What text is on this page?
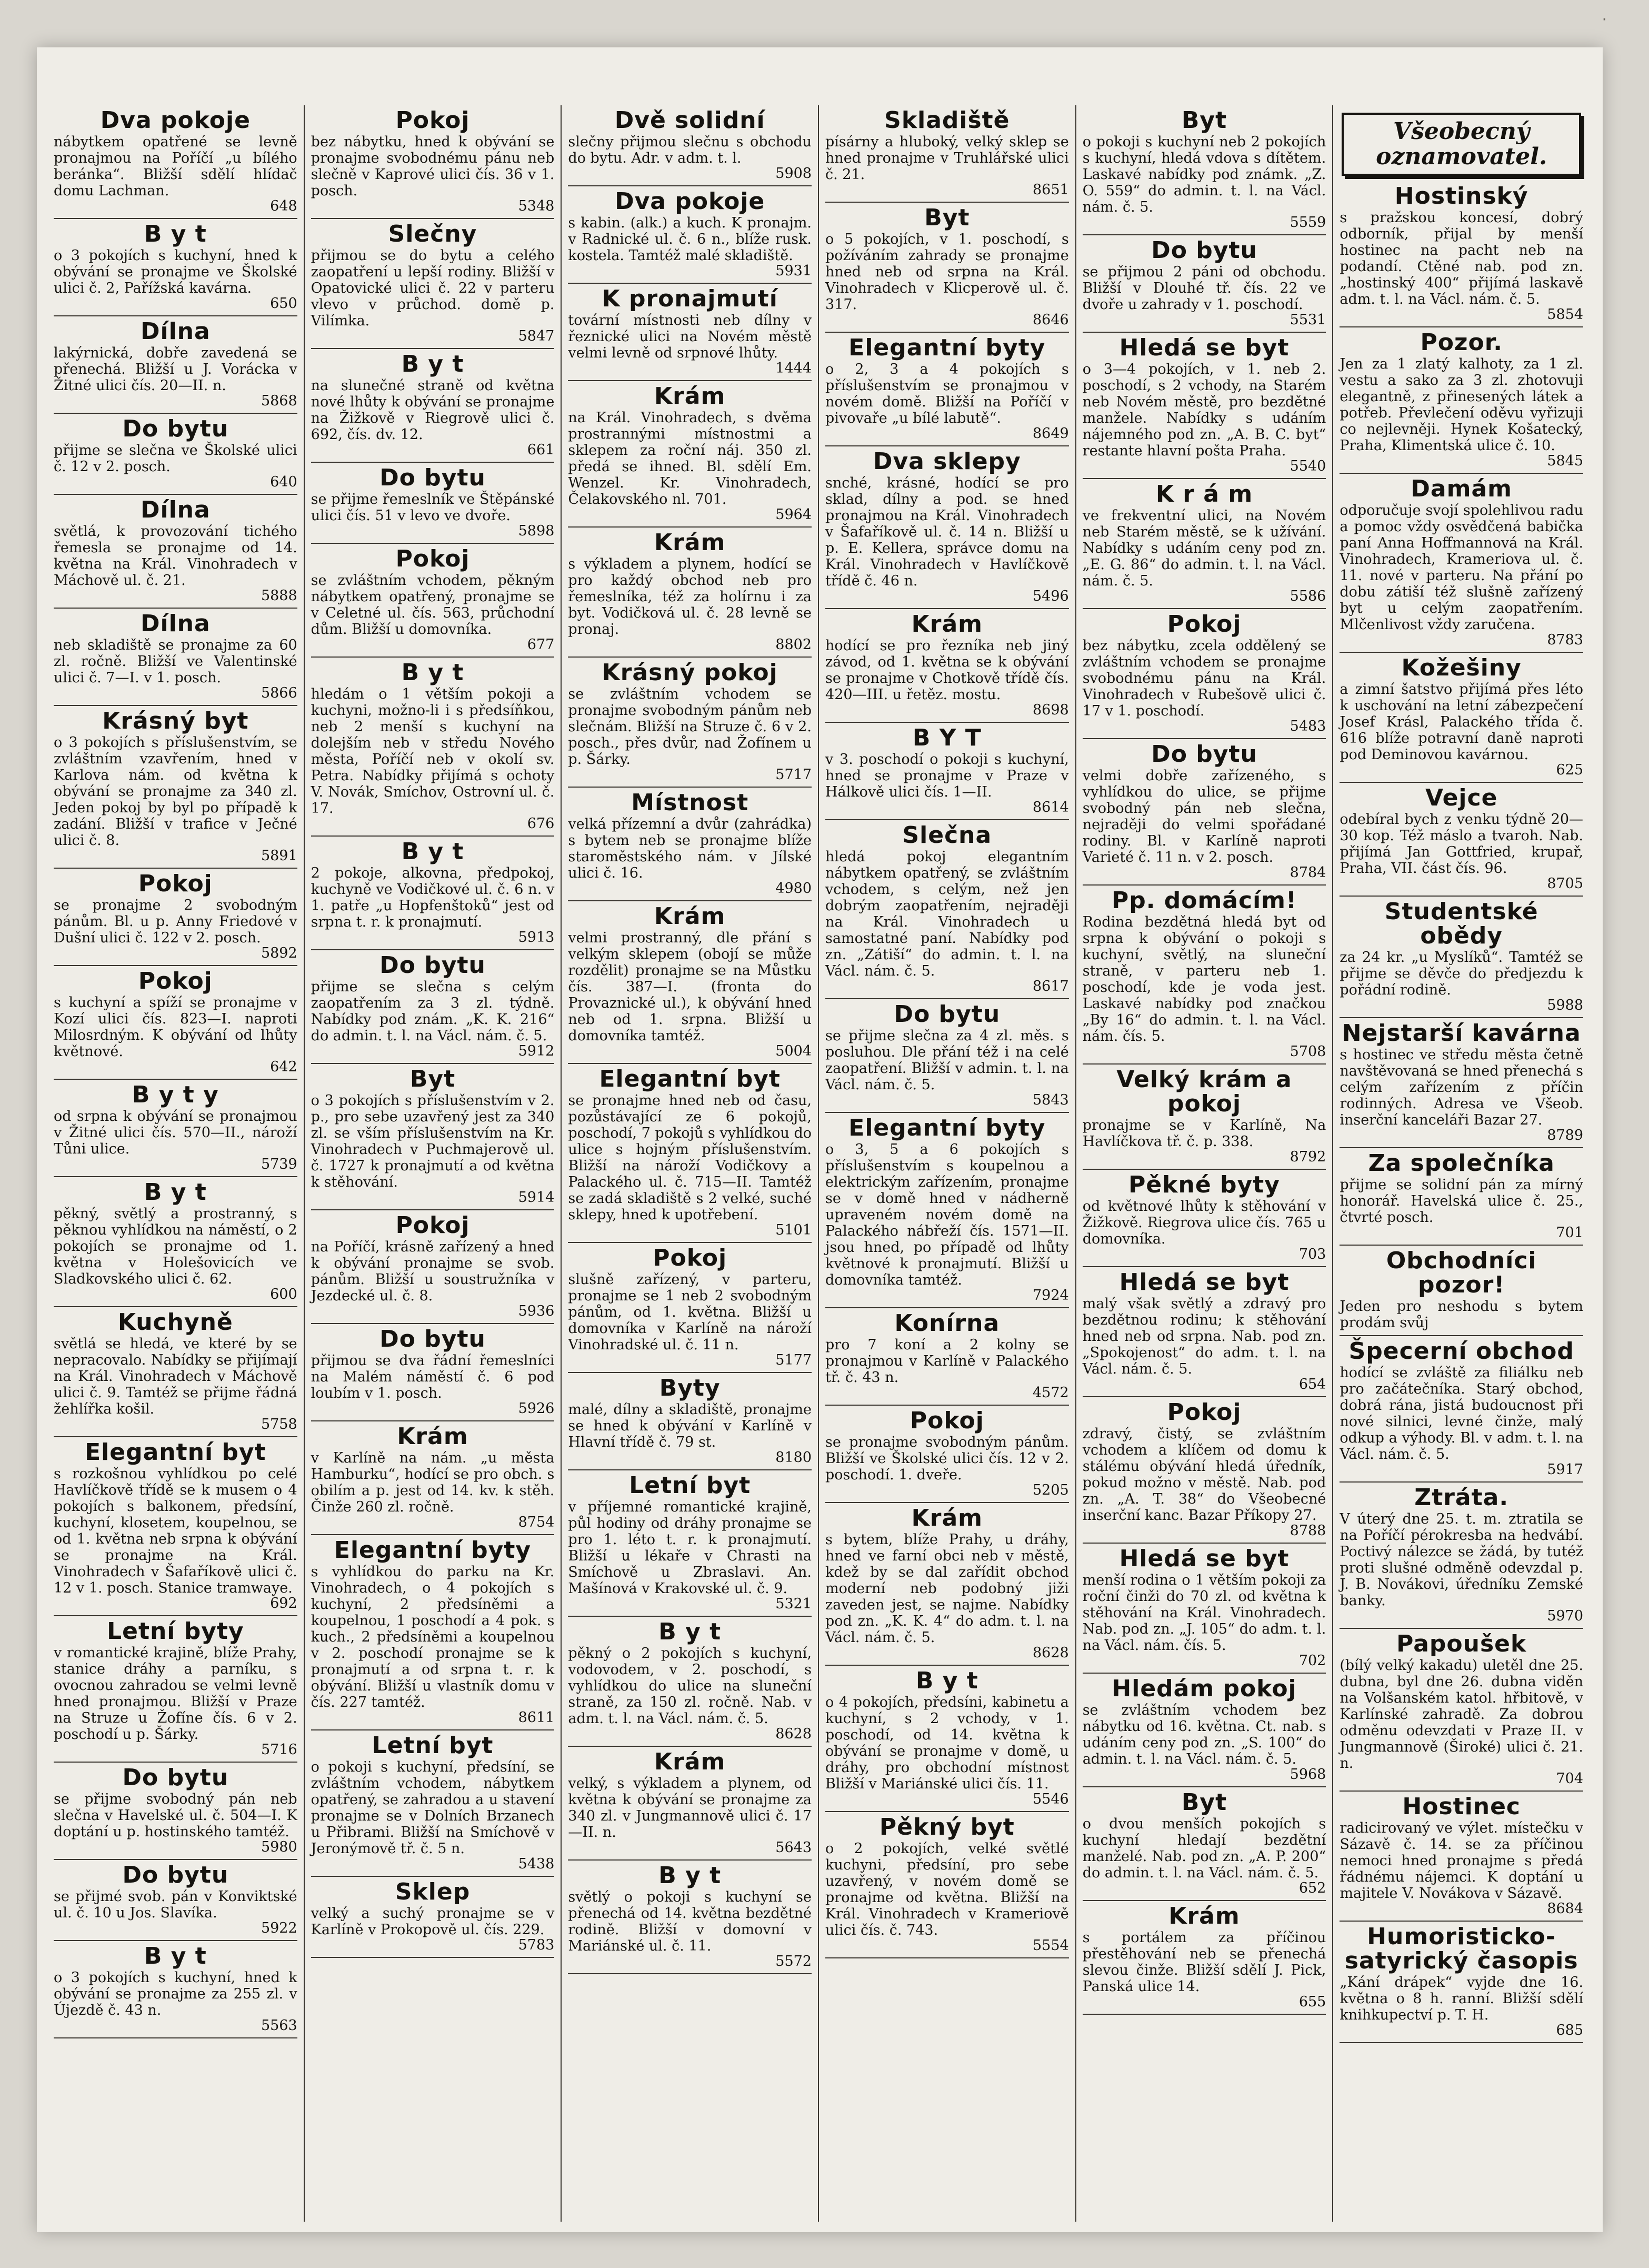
·
Dva pokoje

nábytkem opatřené se levně pronajmou na Poříčí „u bílého beránka“. Bližší sdělí hlídač domu Lachman.

648
B y t

o 3 pokojích s kuchyní, hned k obývání se pronajme ve Školské ulici č. 2, Pařížská kavárna.

650
Dílna

lakýrnická, dobře zavedená se přenechá. Bližší u J. Vorácka v Žitné ulici čís. 20—II. n.

5868
Do bytu

přijme se slečna ve Školské ulici č. 12 v 2. posch.

640
Dílna

světlá, k provozování tichého řemesla se pronajme od 14. května na Král. Vinohradech v Máchově ul. č. 21.

5888
Dílna

neb skladiště se pronajme za 60 zl. ročně. Bližší ve Valentinské ulici č. 7—I. v 1. posch.

5866
Krásný byt

o 3 pokojích s příslušenstvím, se zvláštním vzavřením, hned v Karlova nám. od května k obývání se pronajme za 340 zl. Jeden pokoj by byl po případě k zadání. Bližší v trafice v Ječné ulici č. 8.

5891
Pokoj

se pronajme 2 svobodným pánům. Bl. u p. Anny Friedové v Dušní ulici č. 122 v 2. posch.

5892
Pokoj

s kuchyní a spíží se pronajme v Kozí ulici čís. 823—I. naproti Milosrdným. K obývání od lhůty květnové.

642
B y t y

od srpna k obývání se pronajmou v Žitné ulici čís. 570—II., nároží Tůni ulice.

5739
B y t

pěkný, světlý a prostranný, s pěknou vyhlídkou na náměstí, o 2 pokojích se pronajme od 1. května v Holešovicích ve Sladkovského ulici č. 62.

600
Kuchyně

světlá se hledá, ve které by se nepracovalo. Nabídky se přijímají na Král. Vinohradech v Máchově ulici č. 9. Tamtéž se přijme řádná žehlířka košil.

5758
Elegantní byt

s rozkošnou vyhlídkou po celé Havlíčkově třídě se k musem o 4 pokojích s balkonem, předsíní, kuchyní, klosetem, koupelnou, se od 1. května neb srpna k obývání se pronajme na Král. Vinohradech v Šafaříkově ulici č. 12 v 1. posch. Stanice tramwaye.

692
Letní byty

v romantické krajině, blíže Prahy, stanice dráhy a parníku, s ovocnou zahradou se velmi levně hned pronajmou. Bližší v Praze na Struze u Žofíne čís. 6 v 2. poschodí u p. Šárky.

5716
Do bytu

se přijme svobodný pán neb slečna v Havelské ul. č. 504—I. K doptání u p. hostinského tamtéž.

5980
Do bytu

se přijmé svob. pán v Konviktské ul. č. 10 u Jos. Slavíka.

5922
B y t

o 3 pokojích s kuchyní, hned k obývání se pronajme za 255 zl. v Újezdě č. 43 n.

5563
Pokoj

bez nábytku, hned k obývání se pronajme svobodnému pánu neb slečně v Kaprové ulici čís. 36 v 1. posch.

5348
Slečny

přijmou se do bytu a celého zaopatření u lepší rodiny. Bližší v Opatovické ulici č. 22 v parteru vlevo v průchod. domě p. Vilímka.

5847
B y t

na slunečné straně od května nové lhůty k obývání se pronajme na Žižkově v Riegrově ulici č. 692, čís. dv. 12.

661
Do bytu

se přijme řemeslník ve Štěpánské ulici čís. 51 v levo ve dvoře.

5898
Pokoj

se zvláštním vchodem, pěkným nábytkem opatřený, pronajme se v Celetné ul. čís. 563, průchodní dům. Bližší u domovníka.

677
B y t

hledám o 1 větším pokoji a kuchyni, možno-li i s předsíňkou, neb 2 menší s kuchyní na dolejším neb v středu Nového města, Poříčí neb v okolí sv. Petra. Nabídky přijímá s ochoty V. Novák, Smíchov, Ostrovní ul. č. 17.

676
B y t

2 pokoje, alkovna, předpokoj, kuchyně ve Vodičkové ul. č. 6 n. v 1. patře „u Hopfenštoků“ jest od srpna t. r. k pronajmutí.

5913
Do bytu

přijme se slečna s celým zaopatřením za 3 zl. týdně. Nabídky pod znám. „K. K. 216“ do admin. t. l. na Václ. nám. č. 5.

5912
Byt

o 3 pokojích s příslušenstvím v 2. p., pro sebe uzavřený jest za 340 zl. se vším příslušenstvím na Kr. Vinohradech v Puchmajerově ul. č. 1727 k pronajmutí a od května k stěhování.

5914
Pokoj

na Poříčí, krásně zařízený a hned k obývání pronajme se svob. pánům. Bližší u soustružníka v Jezdecké ul. č. 8.

5936
Do bytu

přijmou se dva řádní řemeslníci na Malém náměstí č. 6 pod loubím v 1. posch.

5926
Krám

v Karlíně na nám. „u města Hamburku“, hodící se pro obch. s obilím a p. jest od 14. kv. k stěh. Činže 260 zl. ročně.

8754
Elegantní byty

s vyhlídkou do parku na Kr. Vinohradech, o 4 pokojích s kuchyní, 2 předsíněmi a koupelnou, 1 poschodí a 4 pok. s kuch., 2 předsíněmi a koupelnou v 2. poschodí pronajme se k pronajmutí a od srpna t. r. k obývání. Bližší u vlastník domu v čís. 227 tamtéž.

8611
Letní byt

o pokoji s kuchyní, předsíní, se zvláštním vchodem, nábytkem opatřený, se zahradou a u stavení pronajme se v Dolních Brzanech u Přibrami. Bližší na Smíchově v Jeronýmově tř. č. 5 n.

5438
Sklep

velký a suchý pronajme se v Karlíně v Prokopově ul. čís. 229.

5783
Dvě solidní

slečny přijmou slečnu s obchodu do bytu. Adr. v adm. t. l.

5908
Dva pokoje

s kabin. (alk.) a kuch. K pronajm. v Radnické ul. č. 6 n., blíže rusk. kostela. Tamtéž malé skladiště.

5931
K pronajmutí

tovární místnosti neb dílny v řeznické ulici na Novém městě velmi levně od srpnové lhůty.

1444
Krám

na Král. Vinohradech, s dvěma prostrannými místnostmi a sklepem za roční náj. 350 zl. předá se ihned. Bl. sdělí Em. Wenzel. Kr. Vinohradech, Čelakovského nl. 701.

5964
Krám

s výkladem a plynem, hodící se pro každý obchod neb pro řemeslníka, též za holírnu i za byt. Vodičková ul. č. 28 levně se pronaj.

8802
Krásný pokoj

se zvláštním vchodem se pronajme svobodným pánům neb slečnám. Bližší na Struze č. 6 v 2. posch., přes dvůr, nad Žofínem u p. Šárky.

5717
Místnost

velká přízemní a dvůr (zahrádka) s bytem neb se pronajme blíže staroměstského nám. v Jílské ulici č. 16.

4980
Krám

velmi prostranný, dle přání s velkým sklepem (obojí se může rozdělit) pronajme se na Můstku čís. 387—I. (fronta do Provaznické ul.), k obývání hned neb od 1. srpna. Bližší u domovníka tamtéž.

5004
Elegantní byt

se pronajme hned neb od času, pozůstávající ze 6 pokojů, poschodí, 7 pokojů s vyhlídkou do ulice s hojným příslušenstvím. Bližší na nároží Vodičkovy a Palackého ul. č. 715—II. Tamtéž se zadá skladiště s 2 velké, suché sklepy, hned k upotřebení.

5101
Pokoj

slušně zařízený, v parteru, pronajme se 1 neb 2 svobodným pánům, od 1. května. Bližší u domovníka v Karlíně na nároží Vinohradské ul. č. 11 n.

5177
Byty

malé, dílny a skladiště, pronajme se hned k obývání v Karlíně v Hlavní třídě č. 79 st.

8180
Letní byt

v příjemné romantické krajině, půl hodiny od dráhy pronajme se pro 1. léto t. r. k pronajmutí. Bližší u lékaře v Chrasti na Smíchově u Zbraslavi. An. Mašínová v Krakovské ul. č. 9.

5321
B y t

pěkný o 2 pokojích s kuchyní, vodovodem, v 2. poschodí, s vyhlídkou do ulice na sluneční straně, za 150 zl. ročně. Nab. v adm. t. l. na Václ. nám. č. 5.

8628
Krám

velký, s výkladem a plynem, od května k obývání se pronajme za 340 zl. v Jungmannově ulici č. 17—II. n.

5643
B y t

světlý o pokoji s kuchyní se přenechá od 14. května bezdětné rodině. Bližší v domovní v Mariánské ul. č. 11.

5572
Skladiště

písárny a hluboký, velký sklep se hned pronajme v Truhlářské ulici č. 21.

8651
Byt

o 5 pokojích, v 1. poschodí, s požíváním zahrady se pronajme hned neb od srpna na Král. Vinohradech v Klicperově ul. č. 317.

8646
Elegantní byty

o 2, 3 a 4 pokojích s příslušenstvím se pronajmou v novém domě. Bližší na Poříčí v pivovaře „u bílé labutě“.

8649
Dva sklepy

snché, krásné, hodící se pro sklad, dílny a pod. se hned pronajmou na Král. Vinohradech v Šafaříkově ul. č. 14 n. Bližší u p. E. Kellera, správce domu na Král. Vinohradech v Havlíčkově třídě č. 46 n.

5496
Krám

hodící se pro řezníka neb jiný závod, od 1. května se k obývání se pronajme v Chotkově třídě čís. 420—III. u řetěz. mostu.

8698
B Y T

v 3. poschodí o pokoji s kuchyní, hned se pronajme v Praze v Hálkově ulici čís. 1—II.

8614
Slečna

hledá pokoj elegantním nábytkem opatřený, se zvláštním vchodem, s celým, než jen dobrým zaopatřením, nejraději na Král. Vinohradech u samostatné paní. Nabídky pod zn. „Zátiší“ do admin. t. l. na Václ. nám. č. 5.

8617
Do bytu

se přijme slečna za 4 zl. měs. s posluhou. Dle přání též i na celé zaopatření. Bližší v admin. t. l. na Václ. nám. č. 5.

5843
Elegantní byty

o 3, 5 a 6 pokojích s příslušenstvím s koupelnou a elektrickým zařízením, pronajme se v domě hned v nádherně upraveném novém domě na Palackého nábřeží čís. 1571—II. jsou hned, po případě od lhůty květnové k pronajmutí. Bližší u domovníka tamtéž.

7924
Konírna

pro 7 koní a 2 kolny se pronajmou v Karlíně v Palackého tř. č. 43 n.

4572
Pokoj

se pronajme svobodným pánům. Bližší ve Školské ulici čís. 12 v 2. poschodí. 1. dveře.

5205
Krám

s bytem, blíže Prahy, u dráhy, hned ve farní obci neb v městě, kdež by se dal zařídit obchod moderní neb podobný jiži zaveden jest, se najme. Nabídky pod zn. „K. K. 4“ do adm. t. l. na Václ. nám. č. 5.

8628
B y t

o 4 pokojích, předsíni, kabinetu a kuchyní, s 2 vchody, v 1. poschodí, od 14. května k obývání se pronajme v domě, u dráhy, pro obchodní místnost Bližší v Mariánské ulici čís. 11.

5546
Pěkný byt

o 2 pokojích, velké světlé kuchyni, předsíní, pro sebe uzavřený, v novém domě se pronajme od května. Bližší na Král. Vinohradech v Krameriově ulici čís. č. 743.

5554
Byt

o pokoji s kuchyní neb 2 pokojích s kuchyní, hledá vdova s dítětem. Laskavé nabídky pod známk. „Z. O. 559“ do admin. t. l. na Václ. nám. č. 5.

5559
Do bytu

se přijmou 2 páni od obchodu. Bližší v Dlouhé tř. čís. 22 ve dvoře u zahrady v 1. poschodí.

5531
Hledá se byt

o 3—4 pokojích, v 1. neb 2. poschodí, s 2 vchody, na Starém neb Novém městě, pro bezdětné manžele. Nabídky s udáním nájemného pod zn. „A. B. C. byt“ restante hlavní pošta Praha.

5540
K r á m

ve frekventní ulici, na Novém neb Starém městě, se k užívání. Nabídky s udáním ceny pod zn. „E. G. 86“ do admin. t. l. na Václ. nám. č. 5.

5586
Pokoj

bez nábytku, zcela oddělený se zvláštním vchodem se pronajme svobodnému pánu na Král. Vinohradech v Rubešově ulici č. 17 v 1. poschodí.

5483
Do bytu

velmi dobře zařízeného, s vyhlídkou do ulice, se přijme svobodný pán neb slečna, nejraději do velmi spořádané rodiny. Bl. v Karlíně naproti Varieté č. 11 n. v 2. posch.

8784
Pp. domácím!

Rodina bezdětná hledá byt od srpna k obývání o pokoji s kuchyní, světlý, na sluneční straně, v parteru neb 1. poschodí, kde je voda jest. Laskavé nabídky pod značkou „By 16“ do admin. t. l. na Václ. nám. čís. 5.

5708
Velký krám a pokoj

pronajme se v Karlíně, Na Havlíčkova tř. č. p. 338.

8792
Pěkné byty

od květnové lhůty k stěhování v Žižkově. Riegrova ulice čís. 765 u domovníka.

703
Hledá se byt

malý však světlý a zdravý pro bezdětnou rodinu; k stěhování hned neb od srpna. Nab. pod zn. „Spokojenost“ do adm. t. l. na Václ. nám. č. 5.

654
Pokoj

zdravý, čistý, se zvláštním vchodem a klíčem od domu k stálému obývání hledá úředník, pokud možno v městě. Nab. pod zn. „A. T. 38“ do Všeobecné inserční kanc. Bazar Příkopy 27.

8788
Hledá se byt

menší rodina o 1 větším pokoji za roční činži do 70 zl. od května k stěhování na Král. Vinohradech. Nab. pod zn. „J. 105“ do adm. t. l. na Václ. nám. čís. 5.

702
Hledám pokoj

se zvláštním vchodem bez nábytku od 16. května. Ct. nab. s udáním ceny pod zn. „S. 100“ do admin. t. l. na Václ. nám. č. 5.

5968
Byt

o dvou menších pokojích s kuchyní hledají bezdětní manželé. Nab. pod zn. „A. P. 200“ do admin. t. l. na Václ. nám. č. 5.

652
Krám

s portálem za příčinou přestěhování neb se přenechá slevou činže. Bližší sdělí J. Pick, Panská ulice 14.

655
Všeobecný oznamovatel.
Hostinský

s pražskou koncesí, dobrý odborník, přijal by menší hostinec na pacht neb na podandí. Ctěné nab. pod zn. „hostinský 400“ přijímá laskavě adm. t. l. na Václ. nám. č. 5.

5854
Pozor.

Jen za 1 zlatý kalhoty, za 1 zl. vestu a sako za 3 zl. zhotovuji elegantně, z přinesených látek a potřeb. Převlečení oděvu vyřizuji co nejlevněji. Hynek Košatecký, Praha, Klimentská ulice č. 10.

5845
Damám

odporučuje svojí spolehlivou radu a pomoc vždy osvědčená babička paní Anna Hoffmannová na Král. Vinohradech, Krameriova ul. č. 11. nové v parteru. Na přání po dobu zátiší též slušně zařízený byt u celým zaopatřením. Mlčenlivost vždy zaručena.

8783
Kožešiny

a zimní šatstvo přijímá přes léto k uschování na letní zábezpečení Josef Krásl, Palackého třída č. 616 blíže potravní daně naproti pod Deminovou kavárnou.

625
Vejce

odebíral bych z venku týdně 20—30 kop. Též máslo a tvaroh. Nab. přijímá Jan Gottfried, krupař, Praha, VII. část čís. 96.

8705
Studentské obědy

za 24 kr. „u Myslíků“. Tamtéž se přijme se děvče do předjezdu k pořádní rodině.

5988
Nejstarší kavárna

s hostinec ve středu města četně navštěvovaná se hned přenechá s celým zařízením z příčin rodinných. Adresa ve Všeob. inserční kanceláři Bazar 27.

8789
Za společníka

přijme se solidní pán za mírný honorář. Havelská ulice č. 25., čtvrté posch.

701
Obchodníci pozor!

Jeden pro neshodu s bytem prodám svůj

Špecerní obchod

hodící se zvláště za filiálku neb pro začátečníka. Starý obchod, dobrá rána, jistá budoucnost při nové silnici, levné činže, malý odkup a výhody. Bl. v adm. t. l. na Václ. nám. č. 5.

5917
Ztráta.

V úterý dne 25. t. m. ztratila se na Poříčí pérokresba na hedvábí. Poctivý nálezce se žádá, by tutéž proti slušné odměně odevzdal p. J. B. Novákovi, úředníku Zemské banky.

5970
Papoušek

(bílý velký kakadu) uletěl dne 25. dubna, byl dne 26. dubna viděn na Volšanském katol. hřbitově, v Karlínské zahradě. Za dobrou odměnu odevzdati v Praze II. v Jungmannově (Široké) ulici č. 21. n.

704
Hostinec

radicirovaný ve výlet. místečku v Sázavě č. 14. se za příčinou nemoci hned pronajme s předá řádnému nájemci. K doptání u majitele V. Novákova v Sázavě.

8684
Humoristicko-satyrický časopis

„Kání drápek“ vyjde dne 16. května o 8 h. ranní. Bližší sdělí knihkupectví p. T. H.

685
